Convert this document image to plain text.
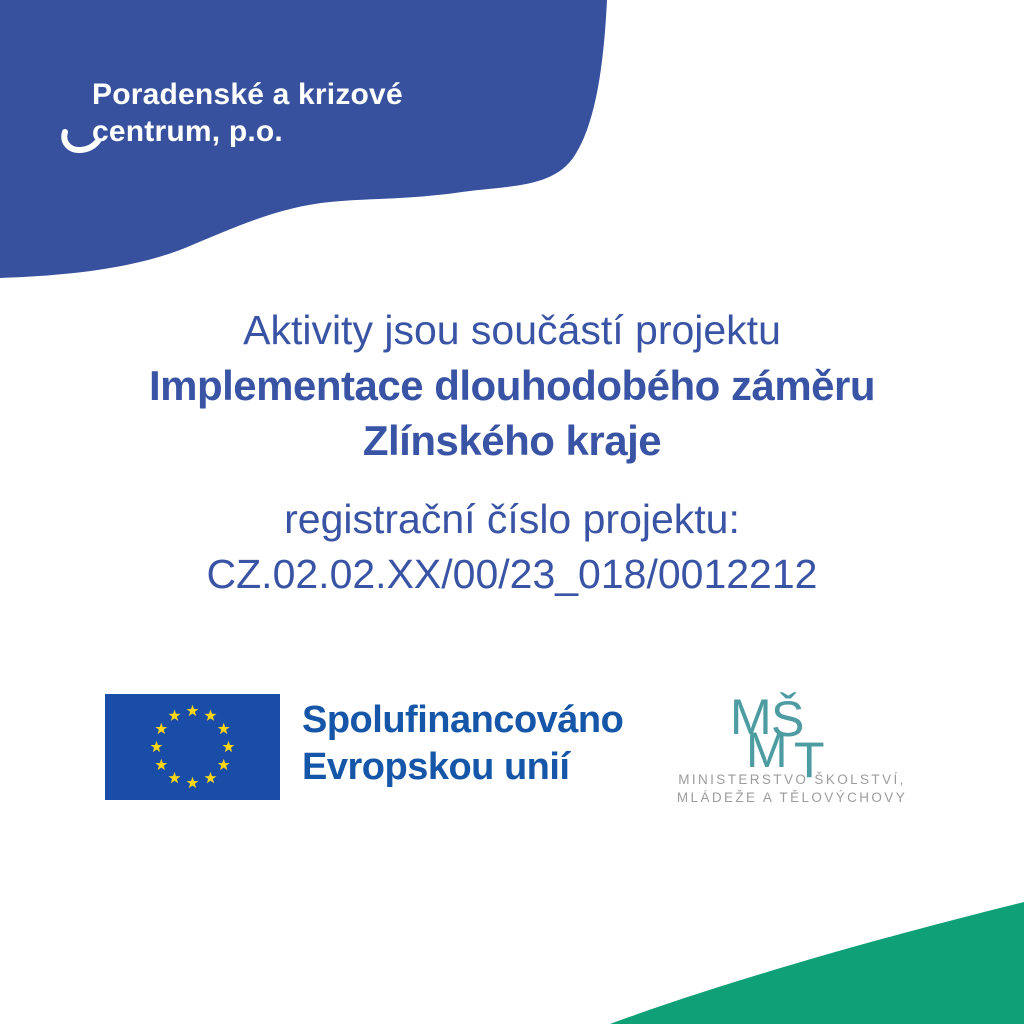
Poradenské a krizové
centrum, p.o.
Aktivity jsou součástí projektu
Implementace dlouhodobého záměru
Zlínského kraje
registrační číslo projektu:
CZ.02.02.XX/00/23_018/0012212
Spolufinancováno
Evropskou unií
M Š
M T
MINISTERSTVO ŠKOLSTVÍ,
MLÁDEŽE A TĚLOVÝCHOVY
